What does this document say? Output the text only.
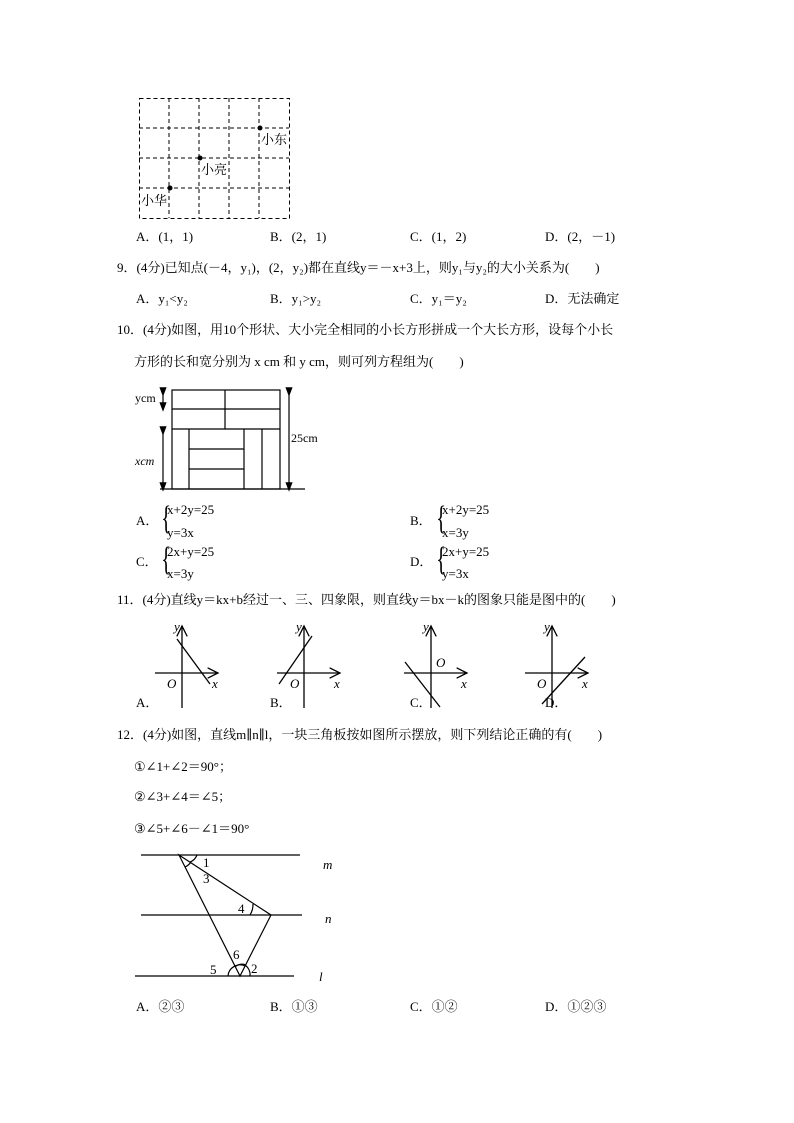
小东
小亮
小华
A．(1，1)	B．(2，1)	C．(1，2)	D．(2，－1)
9．(4分)已知点(－4，y₁)，(2，y₂)都在直线y＝－x+3上，则y₁与y₂的大小关系为(　　)
A．y₁<y₂	B．y₁>y₂	C．y₁＝y₂	D．无法确定
10．(4分)如图，用10个形状、大小完全相同的小长方形拼成一个大长方形，设每个小长
方形的长和宽分别为 x cm 和 y cm，则可列方程组为(　　)
ycm
xcm
25cm
A． {
x+2y=25
y=3x
B． {
x+2y=25
x=3y
C． {
2x+y=25
x=3y
D． {
2x+y=25
y=3x
11．(4分)直线y＝kx+b经过一、三、四象限，则直线y＝bx－k的图象只能是图中的(　　)
y
O	x
y
O	x
y
O
x
y
O	x
A．	B．	C．	D．
12．(4分)如图，直线m∥n∥l，一块三角板按如图所示摆放，则下列结论正确的有(　　)
①∠1+∠2＝90°；
②∠3+∠4＝∠5；
③∠5+∠6－∠1＝90°
m
n
l
1
3
4
6
5	2
A．②③	B．①③	C．①②	D．①②③
